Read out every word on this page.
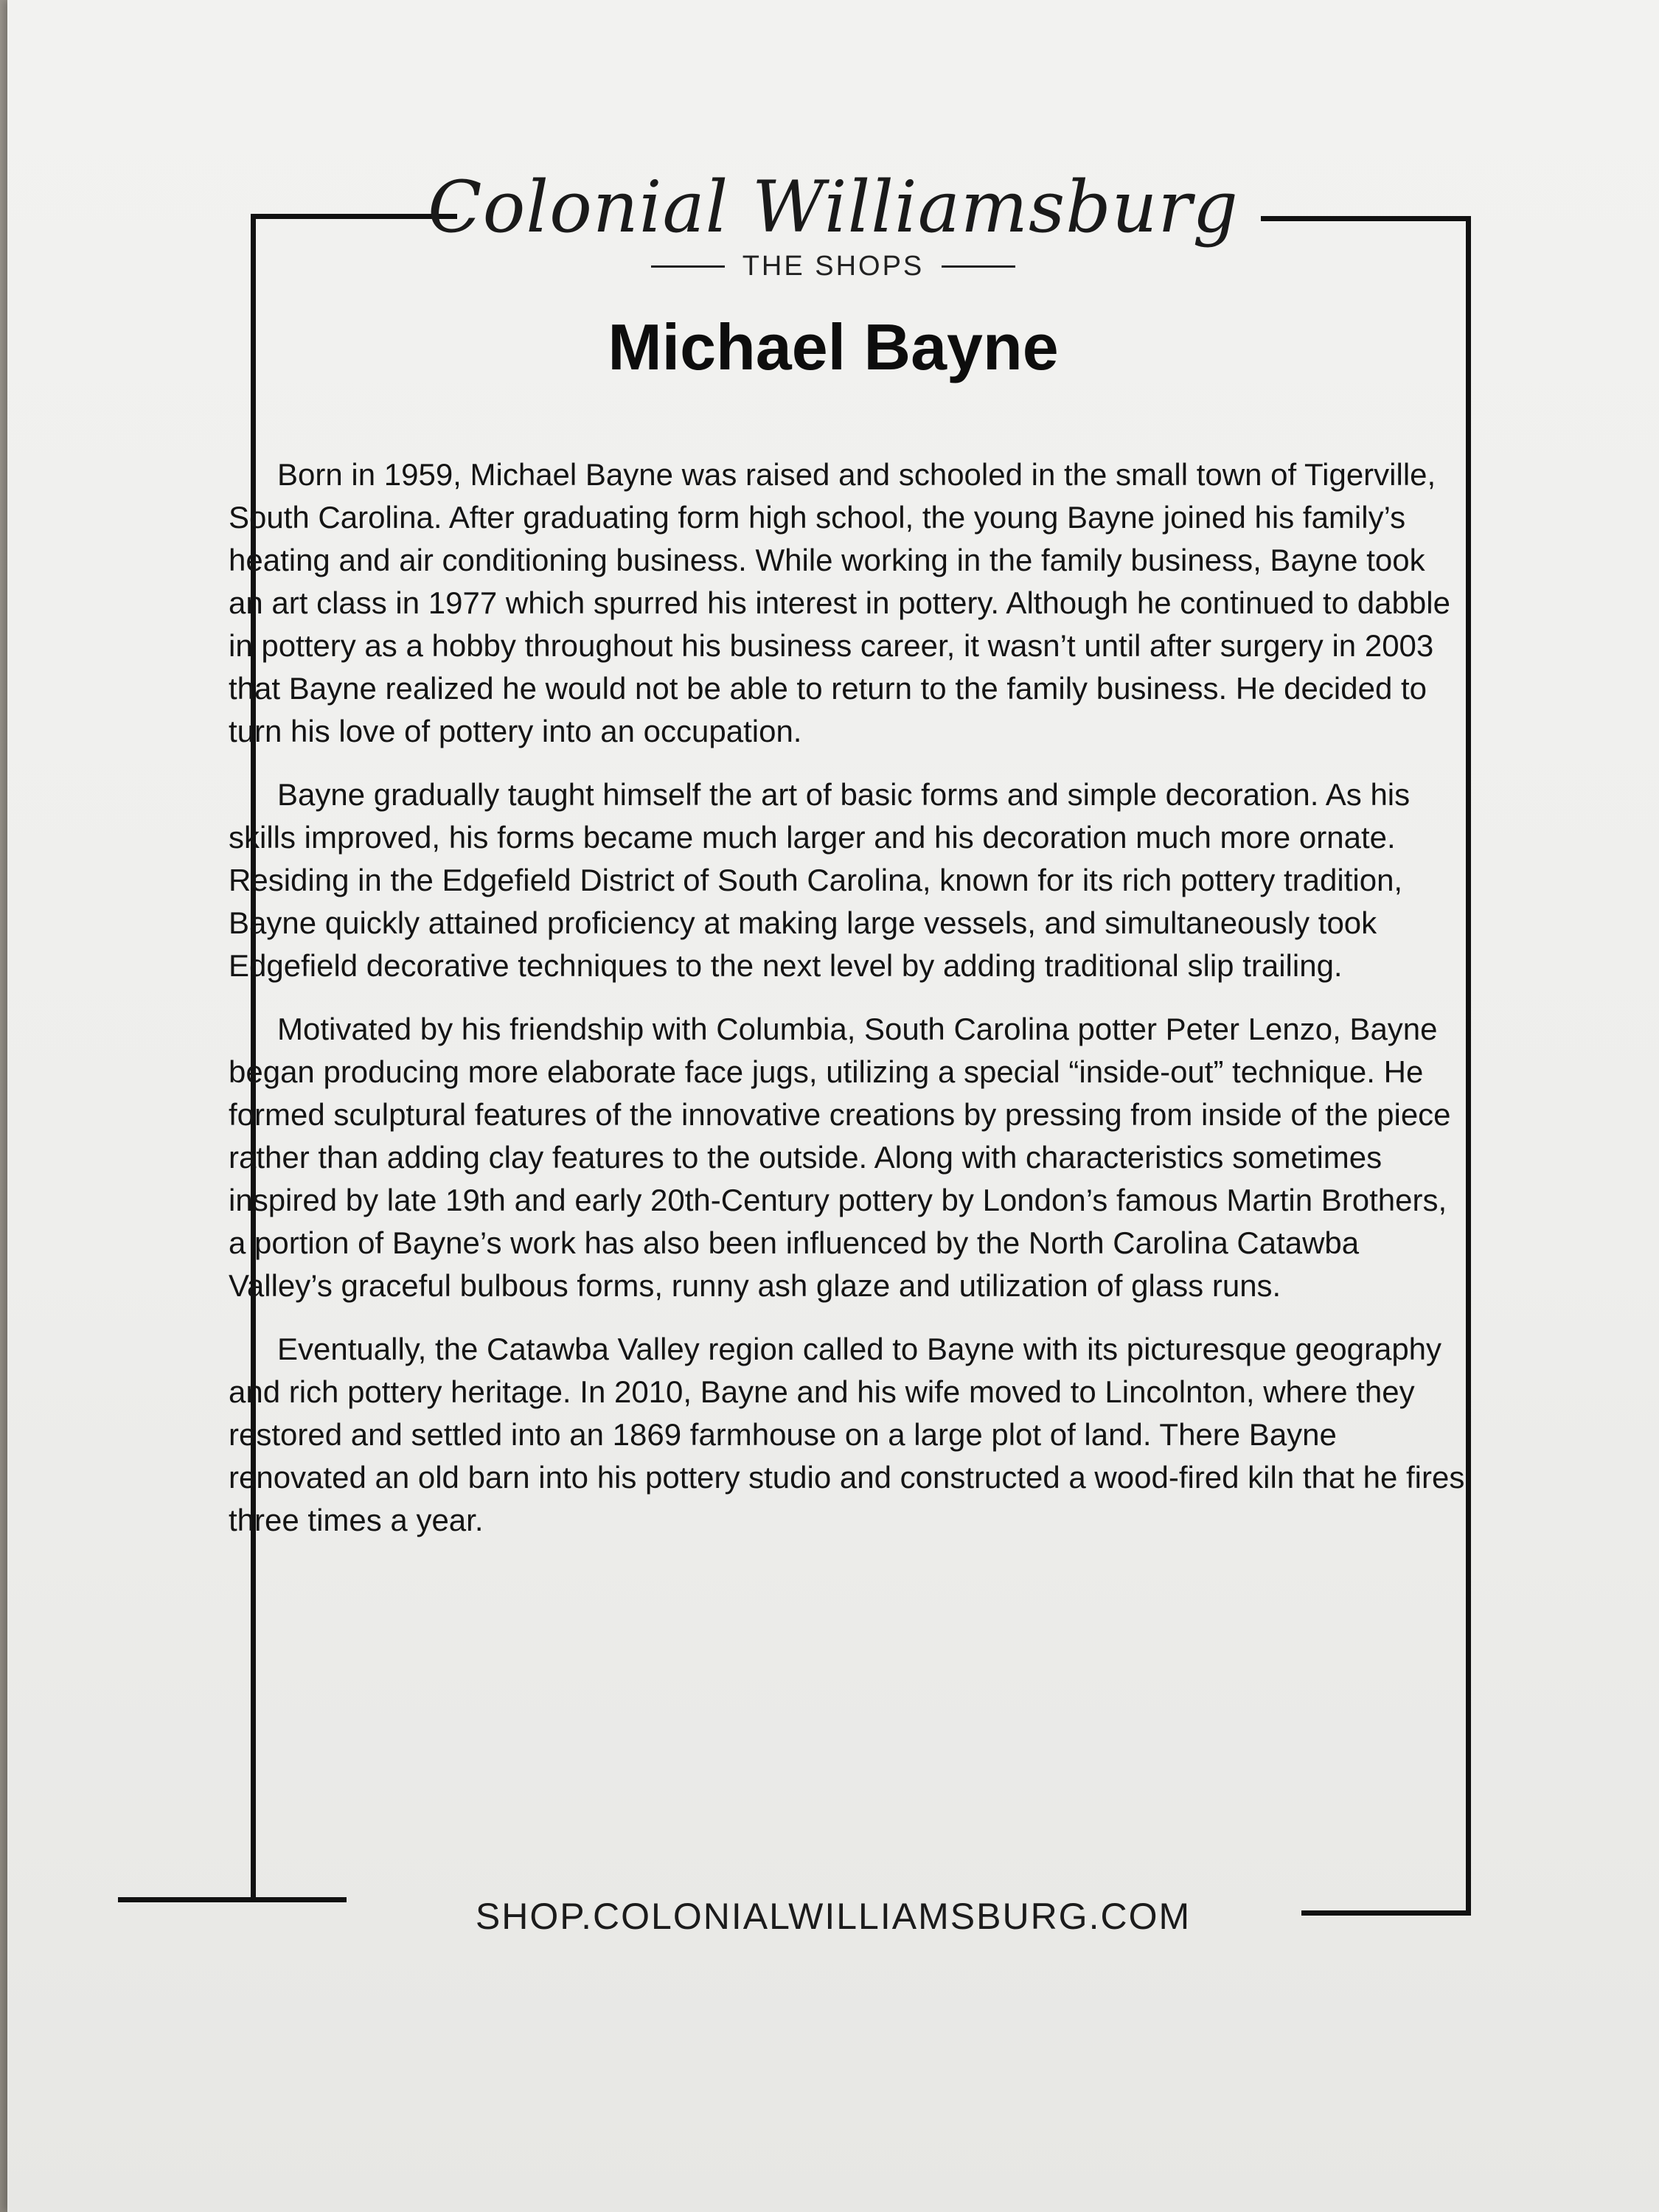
Colonial Williamsburg
THE SHOPS
Michael Bayne

Born in 1959, Michael Bayne was raised and schooled in the small town of Tigerville, South Carolina. After graduating form high school, the young Bayne joined his family’s heating and air conditioning business. While working in the family business, Bayne took an art class in 1977 which spurred his interest in pottery. Although he continued to dabble in pottery as a hobby throughout his business career, it wasn’t until after surgery in 2003 that Bayne realized he would not be able to return to the family business. He decided to turn his love of pottery into an occupation.

Bayne gradually taught himself the art of basic forms and simple decoration. As his skills improved, his forms became much larger and his decoration much more ornate. Residing in the Edgefield District of South Carolina, known for its rich pottery tradition, Bayne quickly attained proficiency at making large vessels, and simultaneously took Edgefield decorative techniques to the next level by adding traditional slip trailing.

Motivated by his friendship with Columbia, South Carolina potter Peter Lenzo, Bayne began producing more elaborate face jugs, utilizing a special “inside-out” technique. He formed sculptural features of the innovative creations by pressing from inside of the piece rather than adding clay features to the outside. Along with characteristics sometimes inspired by late 19th and early 20th-Century pottery by London’s famous Martin Brothers, a portion of Bayne’s work has also been influenced by the North Carolina Catawba Valley’s graceful bulbous forms, runny ash glaze and utilization of glass runs.

Eventually, the Catawba Valley region called to Bayne with its picturesque geography and rich pottery heritage. In 2010, Bayne and his wife moved to Lincolnton, where they restored and settled into an 1869 farmhouse on a large plot of land. There Bayne renovated an old barn into his pottery studio and constructed a wood-fired kiln that he fires three times a year.

SHOP.COLONIALWILLIAMSBURG.COM
